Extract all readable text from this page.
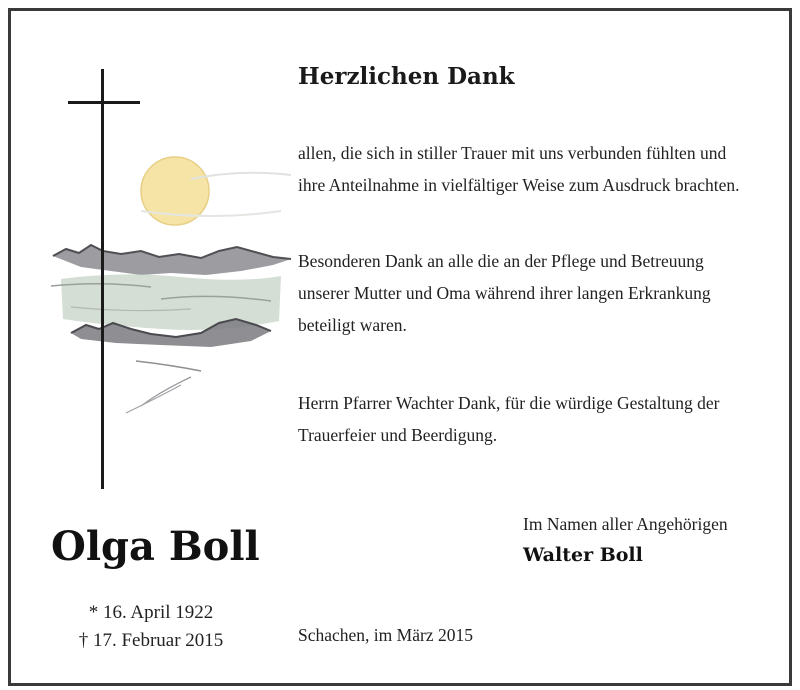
Herzlichen Dank
allen, die sich in stiller Trauer mit uns verbunden fühlten und
ihre Anteilnahme in vielfältiger Weise zum Ausdruck brachten.
Besonderen Dank an alle die an der Pflege und Betreuung
unserer Mutter und Oma während ihrer langen Erkrankung
beteiligt waren.
Herrn Pfarrer Wachter Dank, für die würdige Gestaltung der
Trauerfeier und Beerdigung.
Olga Boll
* 16. April 1922
† 17. Februar 2015
Im Namen aller Angehörigen
Walter Boll
Schachen, im März 2015
